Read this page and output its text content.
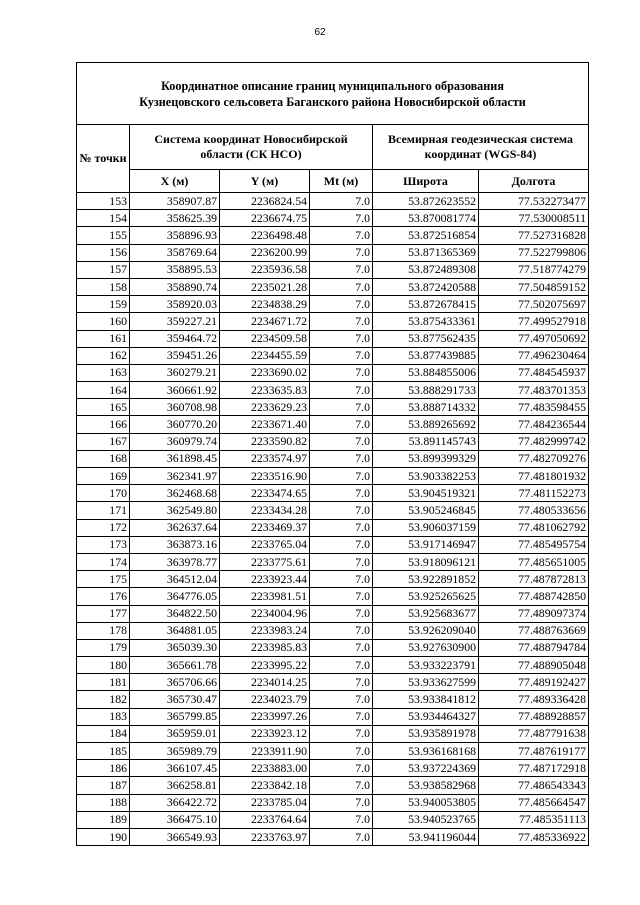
62
Координатное описание границ муниципального образования
Кузнецовского сельсовета Баганского района Новосибирской области					

№ точки	Система координат Новосибирской области (СК НСО)			Всемирная геодезическая система координат (WGS-84)	
	X (м)	Y (м)	Mt (м)	Широта	Долгота
153	358907.87	2236824.54	7.0	53.872623552	77.532273477
154	358625.39	2236674.75	7.0	53.870081774	77.530008511
155	358896.93	2236498.48	7.0	53.872516854	77.527316828
156	358769.64	2236200.99	7.0	53.871365369	77.522799806
157	358895.53	2235936.58	7.0	53.872489308	77.518774279
158	358890.74	2235021.28	7.0	53.872420588	77.504859152
159	358920.03	2234838.29	7.0	53.872678415	77.502075697
160	359227.21	2234671.72	7.0	53.875433361	77.499527918
161	359464.72	2234509.58	7.0	53.877562435	77.497050692
162	359451.26	2234455.59	7.0	53.877439885	77.496230464
163	360279.21	2233690.02	7.0	53.884855006	77.484545937
164	360661.92	2233635.83	7.0	53.888291733	77.483701353
165	360708.98	2233629.23	7.0	53.888714332	77.483598455
166	360770.20	2233671.40	7.0	53.889265692	77.484236544
167	360979.74	2233590.82	7.0	53.891145743	77.482999742
168	361898.45	2233574.97	7.0	53.899399329	77.482709276
169	362341.97	2233516.90	7.0	53.903382253	77.481801932
170	362468.68	2233474.65	7.0	53.904519321	77.481152273
171	362549.80	2233434.28	7.0	53.905246845	77.480533656
172	362637.64	2233469.37	7.0	53.906037159	77.481062792
173	363873.16	2233765.04	7.0	53.917146947	77.485495754
174	363978.77	2233775.61	7.0	53.918096121	77.485651005
175	364512.04	2233923.44	7.0	53.922891852	77.487872813
176	364776.05	2233981.51	7.0	53.925265625	77.488742850
177	364822.50	2234004.96	7.0	53.925683677	77.489097374
178	364881.05	2233983.24	7.0	53.926209040	77.488763669
179	365039.30	2233985.83	7.0	53.927630900	77.488794784
180	365661.78	2233995.22	7.0	53.933223791	77.488905048
181	365706.66	2234014.25	7.0	53.933627599	77.489192427
182	365730.47	2234023.79	7.0	53.933841812	77.489336428
183	365799.85	2233997.26	7.0	53.934464327	77.488928857
184	365959.01	2233923.12	7.0	53.935891978	77.487791638
185	365989.79	2233911.90	7.0	53.936168168	77.487619177
186	366107.45	2233883.00	7.0	53.937224369	77.487172918
187	366258.81	2233842.18	7.0	53.938582968	77.486543343
188	366422.72	2233785.04	7.0	53.940053805	77.485664547
189	366475.10	2233764.64	7.0	53.940523765	77.485351113
190	366549.93	2233763.97	7.0	53.941196044	77.485336922
